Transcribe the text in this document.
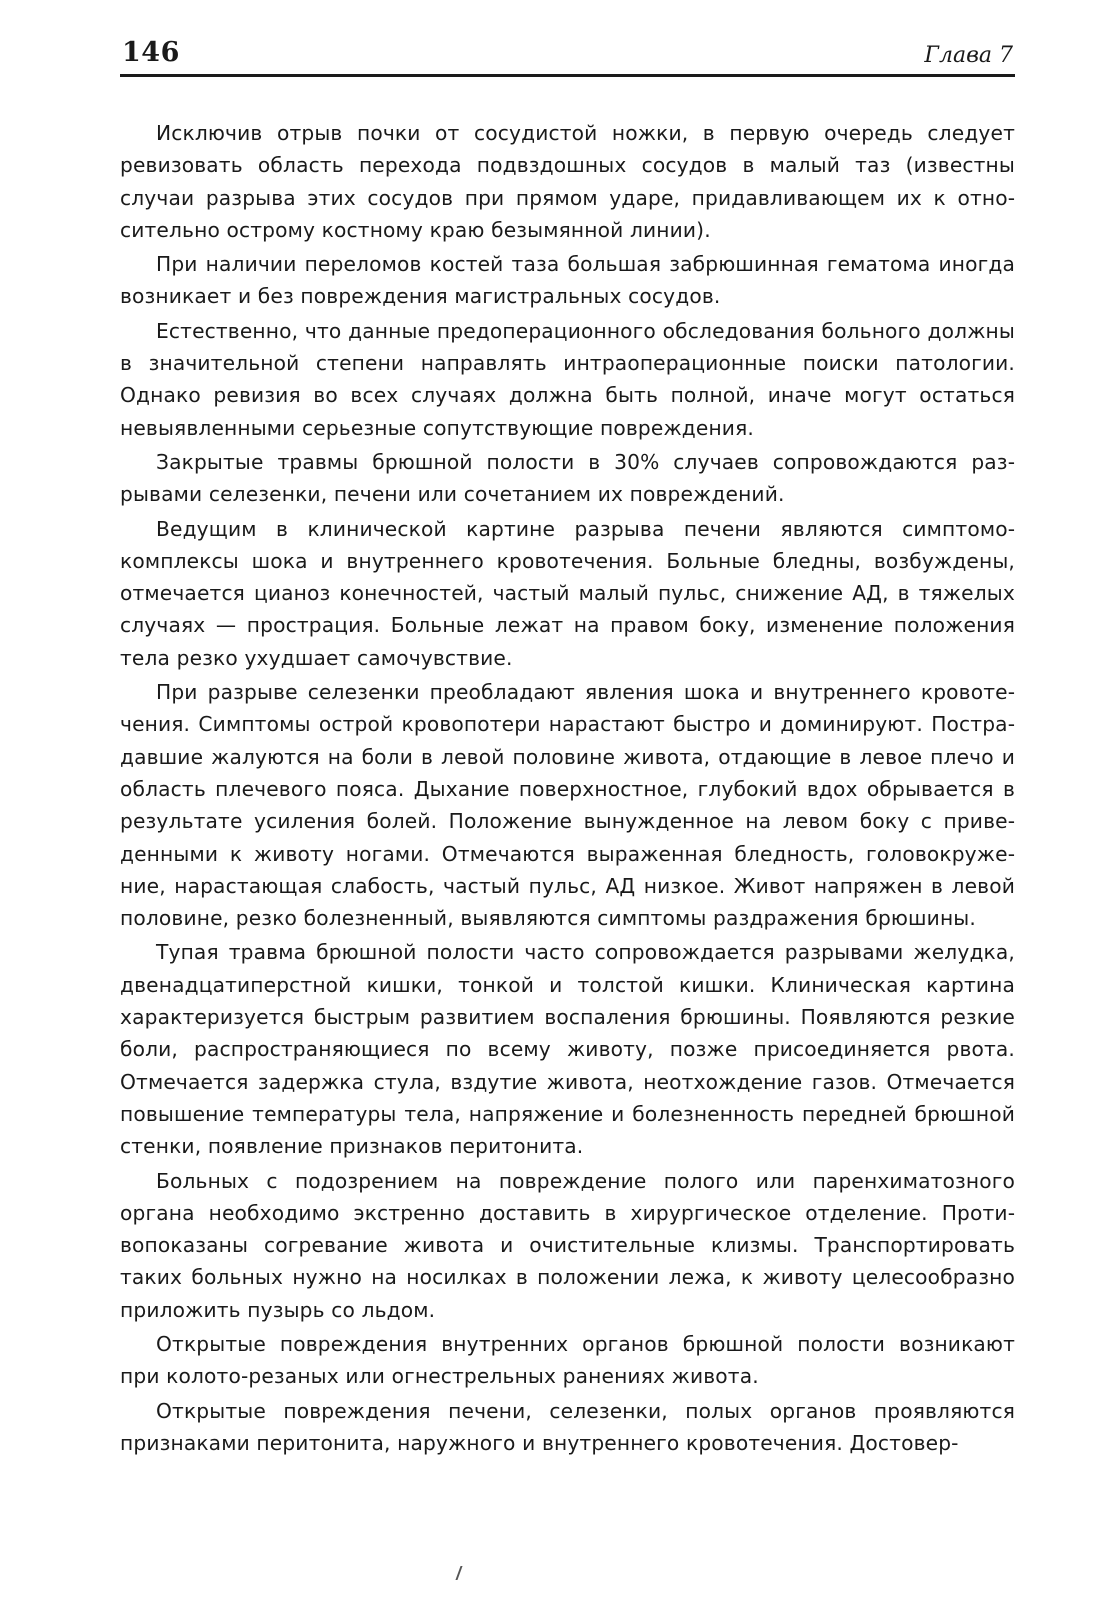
146	Глава 7

Исключив отрыв почки от сосудистой ножки, в первую очередь следует ревизовать область перехода подвздошных сосудов в малый таз (известны случаи разрыва этих сосудов при прямом ударе, придавливающем их к относительно острому костному краю безымянной линии).

При наличии переломов костей таза большая забрюшинная гематома иногда возникает и без повреждения магистральных сосудов.

Естественно, что данные предоперационного обследования больного должны в значительной степени направлять интраоперационные поиски патологии. Однако ревизия во всех случаях должна быть полной, иначе могут остаться невыявленными серьезные сопутствующие повреждения.

Закрытые травмы брюшной полости в 30% случаев сопровождаются разрывами селезенки, печени или сочетанием их повреждений.

Ведущим в клинической картине разрыва печени являются симптомокомплексы шока и внутреннего кровотечения. Больные бледны, возбуждены, отмечается цианоз конечностей, частый малый пульс, снижение АД, в тяжелых случаях — прострация. Больные лежат на правом боку, изменение положения тела резко ухудшает самочувствие.

При разрыве селезенки преобладают явления шока и внутреннего кровотечения. Симптомы острой кровопотери нарастают быстро и доминируют. Пострадавшие жалуются на боли в левой половине живота, отдающие в левое плечо и область плечевого пояса. Дыхание поверхностное, глубокий вдох обрывается в результате усиления болей. Положение вынужденное на левом боку с приведенными к животу ногами. Отмечаются выраженная бледность, головокружение, нарастающая слабость, частый пульс, АД низкое. Живот напряжен в левой половине, резко болезненный, выявляются симптомы раздражения брюшины.

Тупая травма брюшной полости часто сопровождается разрывами желудка, двенадцатиперстной кишки, тонкой и толстой кишки. Клиническая картина характеризуется быстрым развитием воспаления брюшины. Появляются резкие боли, распространяющиеся по всему животу, позже присоединяется рвота. Отмечается задержка стула, вздутие живота, неотхождение газов. Отмечается повышение температуры тела, напряжение и болезненность передней брюшной стенки, появление признаков перитонита.

Больных с подозрением на повреждение полого или паренхиматозного органа необходимо экстренно доставить в хирургическое отделение. Противопоказаны согревание живота и очистительные клизмы. Транспортировать таких больных нужно на носилках в положении лежа, к животу целесообразно приложить пузырь со льдом.

Открытые повреждения внутренних органов брюшной полости возникают при колото-резаных или огнестрельных ранениях живота.

Открытые повреждения печени, селезенки, полых органов проявляются признаками перитонита, наружного и внутреннего кровотечения. Достовер-
